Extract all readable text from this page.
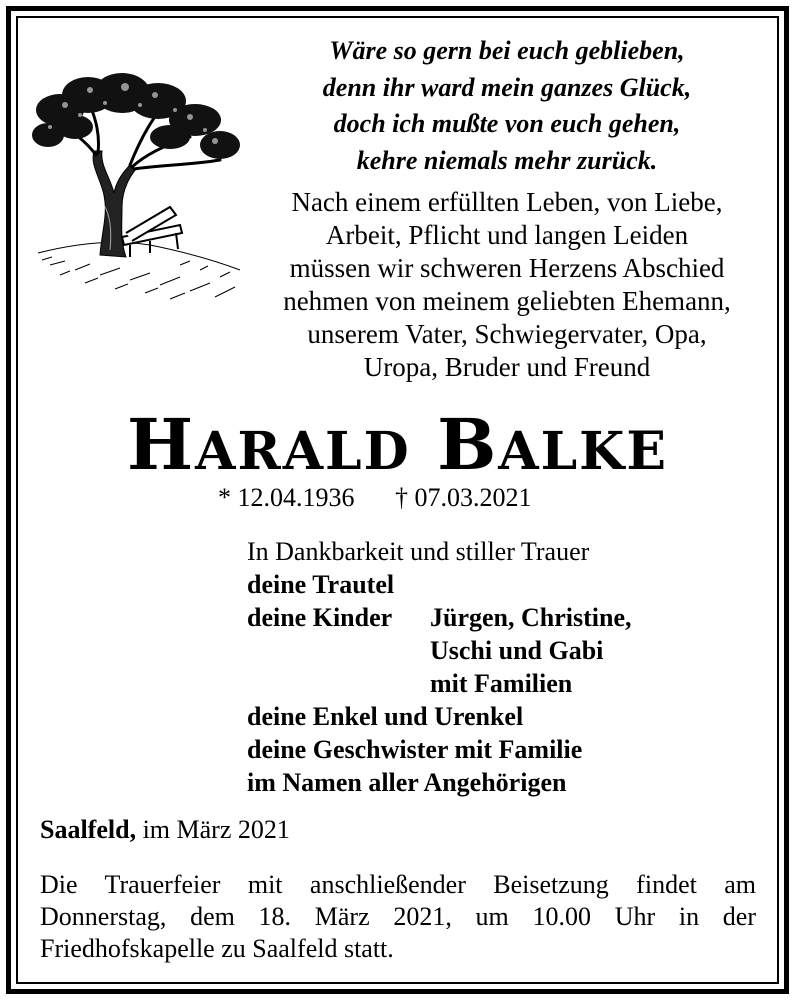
Wäre so gern bei euch geblieben,
denn ihr ward mein ganzes Glück,
doch ich mußte von euch gehen,
kehre niemals mehr zurück.
Nach einem erfüllten Leben, von Liebe,
Arbeit, Pflicht und langen Leiden
müssen wir schweren Herzens Abschied
nehmen von meinem geliebten Ehemann,
unserem Vater, Schwiegervater, Opa,
Uropa, Bruder und Freund
HARALD BALKE
* 12.04.1936 † 07.03.2021
In Dankbarkeit und stiller Trauer
deine Trautel
deine Kinder Jürgen, Christine,
Uschi und Gabi
mit Familien
deine Enkel und Urenkel
deine Geschwister mit Familie
im Namen aller Angehörigen
Saalfeld, im März 2021
Die Trauerfeier mit anschließender Beisetzung findet am
Donnerstag, dem 18. März 2021, um 10.00 Uhr in der
Friedhofskapelle zu Saalfeld statt.
